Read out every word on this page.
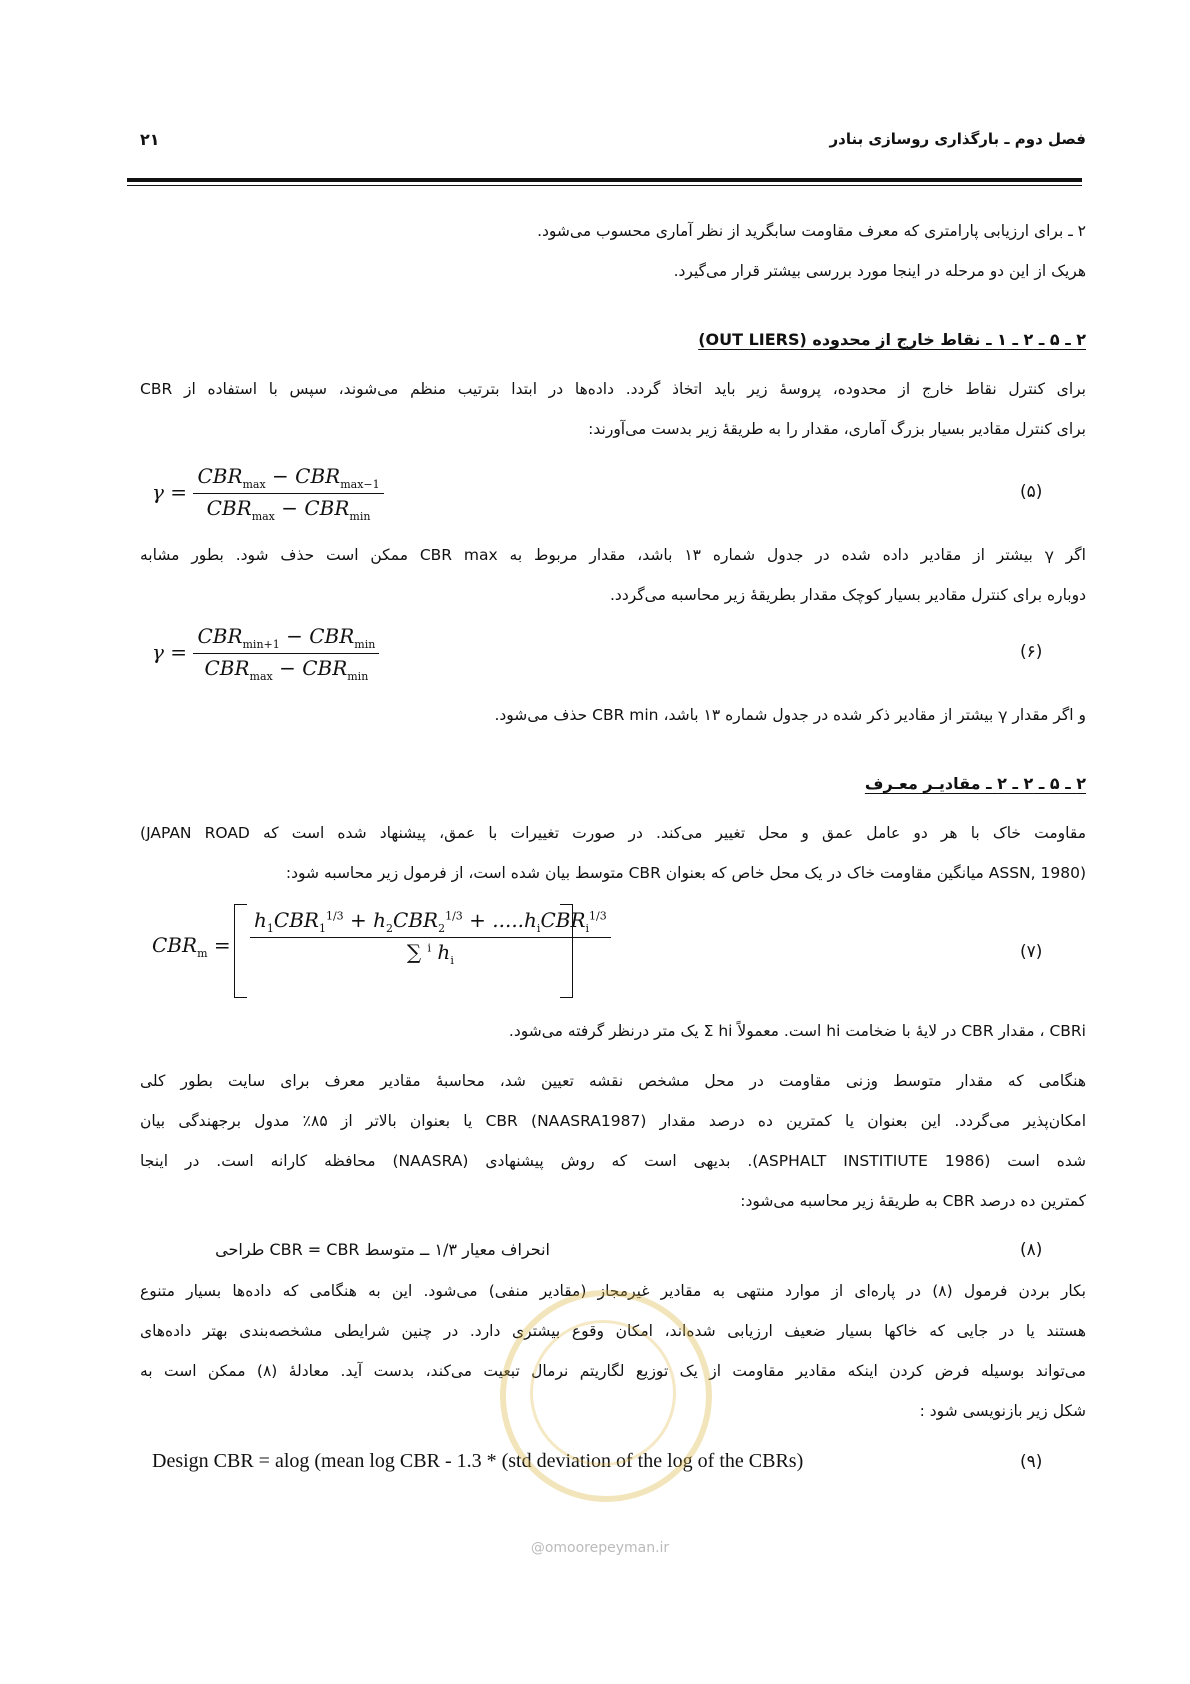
فصل دوم ـ بارگذاری روسازی بنادر
۲۱
۲ ـ برای ارزیابی پارامتری که معرف مقاومت سابگرید از نظر آماری محسوب می‌شود.
هریک از این دو مرحله در اینجا مورد بررسی بیشتر قرار می‌گیرد.
۲ ـ ۵ ـ ۲ ـ ۱ ـ نقاط خارج از محدوده (OUT LIERS)
برای کنترل نقاط خارج از محدوده، پروسهٔ زیر باید اتخاذ گردد. داده‌ها در ابتدا بترتیب منظم می‌شوند، سپس با استفاده از CBR
برای کنترل مقادیر بسیار بزرگ آماری، مقدار را به طریقهٔ زیر بدست می‌آورند:
$\gamma = \frac{CBR_{max} - CBR_{max-1}}{CBR_{max} - CBR_{min}}$	(۵)
اگر γ بیشتر از مقادیر داده شده در جدول شماره ۱۳ باشد، مقدار مربوط به CBR max ممکن است حذف شود. بطور مشابه
دوباره برای کنترل مقادیر بسیار کوچک مقدار بطریقهٔ زیر محاسبه می‌گردد.
$\gamma = \frac{CBR_{min+1} - CBR_{min}}{CBR_{max} - CBR_{min}}$	(۶)
و اگر مقدار γ بیشتر از مقادیر ذکر شده در جدول شماره ۱۳ باشد، CBR min حذف می‌شود.
۲ ـ ۵ ـ ۲ ـ ۲ ـ مقادیـر معـرف
مقاومت خاک با هر دو عامل عمق و محل تغییر می‌کند. در صورت تغییرات با عمق، پیشنهاد شده است که JAPAN ROAD)
(ASSN, 1980 میانگین مقاومت خاک در یک محل خاص که بعنوان CBR متوسط بیان شده است، از فرمول زیر محاسبه شود:
$CBR_m = \frac{h_1CBR_1^{1/3} + h_2CBR_2^{1/3} + .....h_iCBR_i^{1/3}}{\sum ^i h_i}$	(۷)
CBRi ، مقدار CBR در لایهٔ با ضخامت hi است. معمولاً Σ hi یک متر درنظر گرفته می‌شود.
هنگامی که مقدار متوسط وزنی مقاومت در محل مشخص نقشه تعیین شد، محاسبهٔ مقادیر معرف برای سایت بطور کلی
امکان‌پذیر می‌گردد. این بعنوان یا کمترین ده درصد مقدار CBR (NAASRA1987) یا بعنوان بالاتر از ۸۵٪ مدول برجهندگی بیان
شده است (ASPHALT INSTITIUTE 1986). بدیهی است که روش پیشنهادی (NAASRA) محافظه کارانه است. در اینجا
کمترین ده درصد CBR به طریقهٔ زیر محاسبه می‌شود:
انحراف معیار ۱/۳ ــ متوسط CBR = CBR طراحی	(۸)
بکار بردن فرمول (۸) در پاره‌ای از موارد منتهی به مقادیر غیرمجاز (مقادیر منفی) می‌شود. این به هنگامی که داده‌ها بسیار متنوع
هستند یا در جایی که خاکها بسیار ضعیف ارزیابی شده‌اند، امکان وقوع بیشتری دارد. در چنین شرایطی مشخصه‌بندی بهتر داده‌های
می‌تواند بوسیله فرض کردن اینکه مقادیر مقاومت از یک توزیع لگاریتم نرمال تبعیت می‌کند، بدست آید. معادلهٔ (۸) ممکن است به
شکل زیر بازنویسی شود :
Design CBR = alog (mean log CBR - 1.3 * (std deviation of the log of the CBRs)	(۹)
@omoorepeyman.ir
